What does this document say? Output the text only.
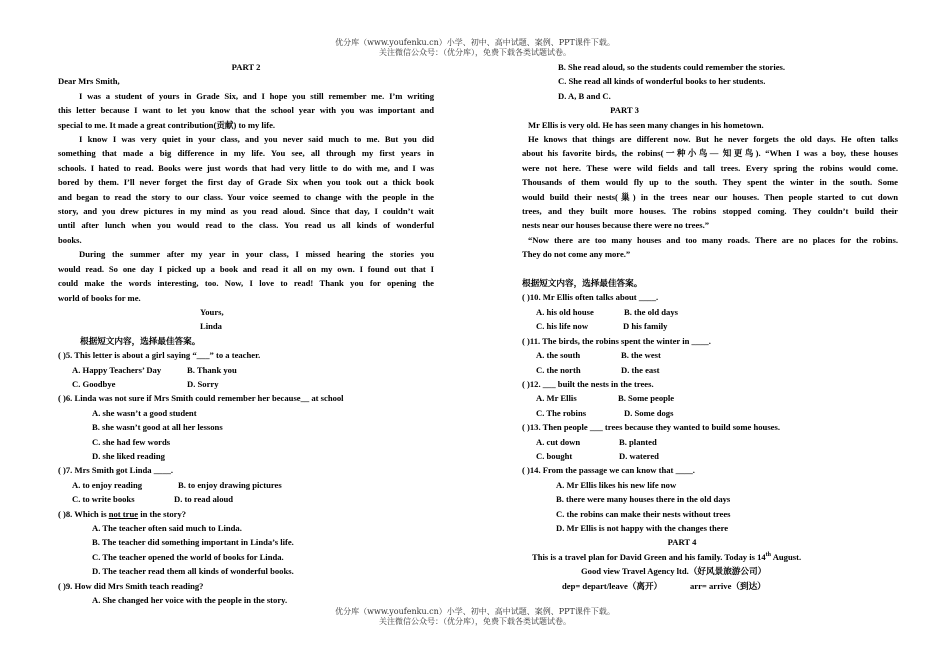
优分库（www.youfenku.cn）小学、初中、高中试题、案例、PPT课件下载。
关注微信公众号：（优分库），免费下载各类试题试卷。
PART 2
Dear Mrs Smith,
I was a student of yours in Grade Six, and I hope you still remember me. I’m writing
this letter because I want to let you know that the school year with you was important and
special to me. It made a great contribution(贡献) to my life.
I know I was very quiet in your class, and you never said much to me. But you did
something that made a big difference in my life. You see, all through my first years in
schools. I hated to read. Books were just words that had very little to do with me, and I was
bored by them. I’ll never forget the first day of Grade Six when you took out a thick book
and began to read the story to our class. Your voice seemed to change with the people in the
story, and you drew pictures in my mind as you read aloud. Since that day, I couldn’t wait
until after lunch when you would read to the class. You read us all kinds of wonderful
books.
During the summer after my year in your class, I missed hearing the stories you
would read. So one day I picked up a book and read it all on my own. I found out that I
could make the words interesting, too. Now, I love to read! Thank you for opening the
world of books for me.
Yours,
Linda
根据短文内容，选择最佳答案。
( )5. This letter is about a girl saying “___” to a teacher.
A. Happy Teachers’ Day	B. Thank you
C. Goodbye	D. Sorry
( )6. Linda was not sure if Mrs Smith could remember her because__ at school
A. she wasn’t a good student
B. she wasn’t good at all her lessons
C. she had few words
D. she liked reading
( )7. Mrs Smith got Linda ____.
A. to enjoy reading	B. to enjoy drawing pictures
C. to write books	D. to read aloud
( )8. Which is not true in the story?
A. The teacher often said much to Linda.
B. The teacher did something important in Linda’s life.
C. The teacher opened the world of books for Linda.
D. The teacher read them all kinds of wonderful books.
( )9. How did Mrs Smith teach reading?
A. She changed her voice with the people in the story.
B. She read aloud, so the students could remember the stories.
C. She read all kinds of wonderful books to her students.
D. A, B and C.
PART 3
Mr Ellis is very old. He has seen many changes in his hometown.
He knows that things are different now. But he never forgets the old days. He often talks
about his favorite birds, the robins(一种小鸟— 知更鸟). “When I was a boy, these houses
were not here. These were wild fields and tall trees. Every spring the robins would come.
Thousands of them would fly up to the south. They spent the winter in the south. Some
would build their nests(巢) in the trees near our houses. Then people started to cut down
trees, and they built more houses. The robins stopped coming. They couldn’t build their
nests near our houses because there were no trees.”
“Now there are too many houses and too many roads. There are no places for the robins.
They do not come any more.”
根据短文内容，选择最佳答案。
( )10. Mr Ellis often talks about ____.
A. his old house	B. the old days
C. his life now	D his family
( )11. The birds, the robins spent the winter in ____.
A. the south	B. the west
C. the north	D. the east
( )12. ___ built the nests in the trees.
A. Mr Ellis	B. Some people
C. The robins	D. Some dogs
( )13. Then people ___ trees because they wanted to build some houses.
A. cut down	B. planted
C. bought	D. watered
( )14. From the passage we can know that ____.
A. Mr Ellis likes his new life now
B. there were many houses there in the old days
C. the robins can make their nests without trees
D. Mr Ellis is not happy with the changes there
PART 4
This is a travel plan for David Green and his family. Today is 14th August.
Good view Travel Agency ltd.（好风景旅游公司）
dep= depart/leave（离开）	arr= arrive（到达）
优分库（www.youfenku.cn）小学、初中、高中试题、案例、PPT课件下载。
关注微信公众号：（优分库），免费下载各类试题试卷。
